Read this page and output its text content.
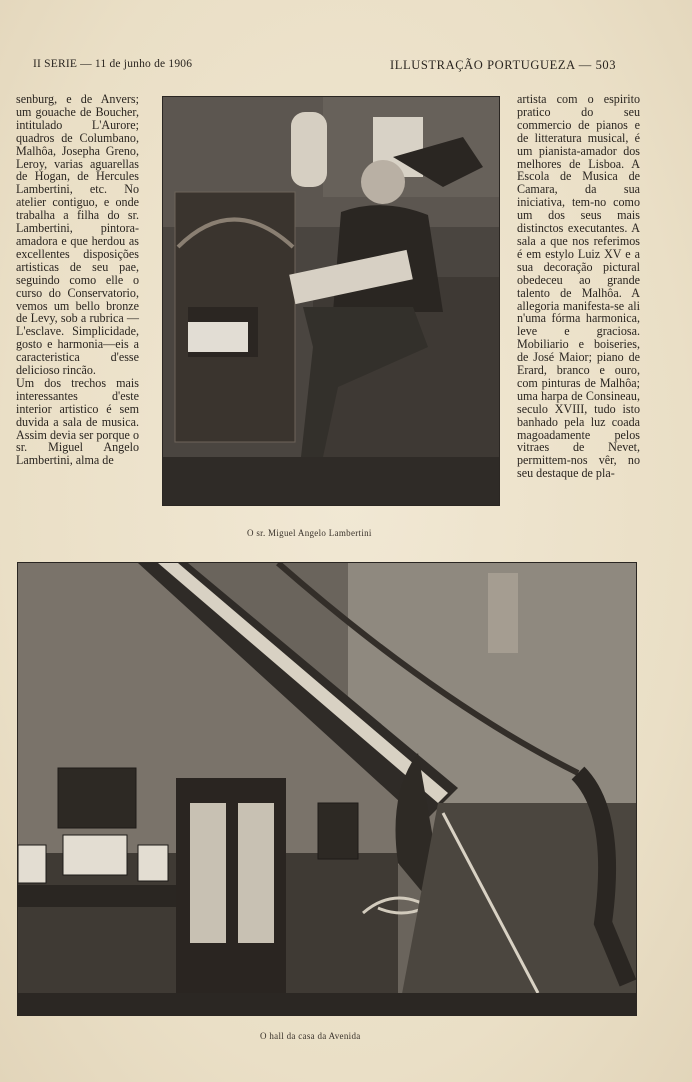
II SERIE — 11 de junho de 1906	ILLUSTRAÇÃO PORTUGUEZA — 503
senburg, e de Anvers; um gouache de Boucher, intitulado L'Aurore; quadros de Columbano, Malhôa, Josepha Greno, Leroy, varias aguarellas de Hogan, de Hercules Lambertini, etc. No atelier contiguo, e onde trabalha a filha do sr. Lambertini, pintora-amadora e que herdou as excellentes disposições artisticas de seu pae, seguindo como elle o curso do Conservatorio, vemos um bello bronze de Levy, sob a rubrica — L'esclave. Simplicidade, gosto e harmonia—eis a caracteristica d'esse delicioso rincão.
Um dos trechos mais interessantes d'este interior artistico é sem duvida a sala de musica. Assim devia ser porque o sr. Miguel Angelo Lambertini, alma de
artista com o espirito pratico do seu commercio de pianos e de litteratura musical, é um pianista-amador dos melhores de Lisboa. A Escola de Musica de Camara, da sua iniciativa, tem-no como um dos seus mais distinctos executantes. A sala a que nos referimos é em estylo Luiz XV e a sua decoração pictural obedeceu ao grande talento de Malhôa. A allegoria manifesta-se ali n'uma fórma harmonica, leve e graciosa. Mobiliario e boiseries, de José Maior; piano de Erard, branco e ouro, com pinturas de Malhôa; uma harpa de Consineau, seculo XVIII, tudo isto banhado pela luz coada magoadamente pelos vitraes de Nevet, permittem-nos vêr, no seu destaque de pla-
O sr. Miguel Angelo Lambertini
O hall da casa da Avenida
